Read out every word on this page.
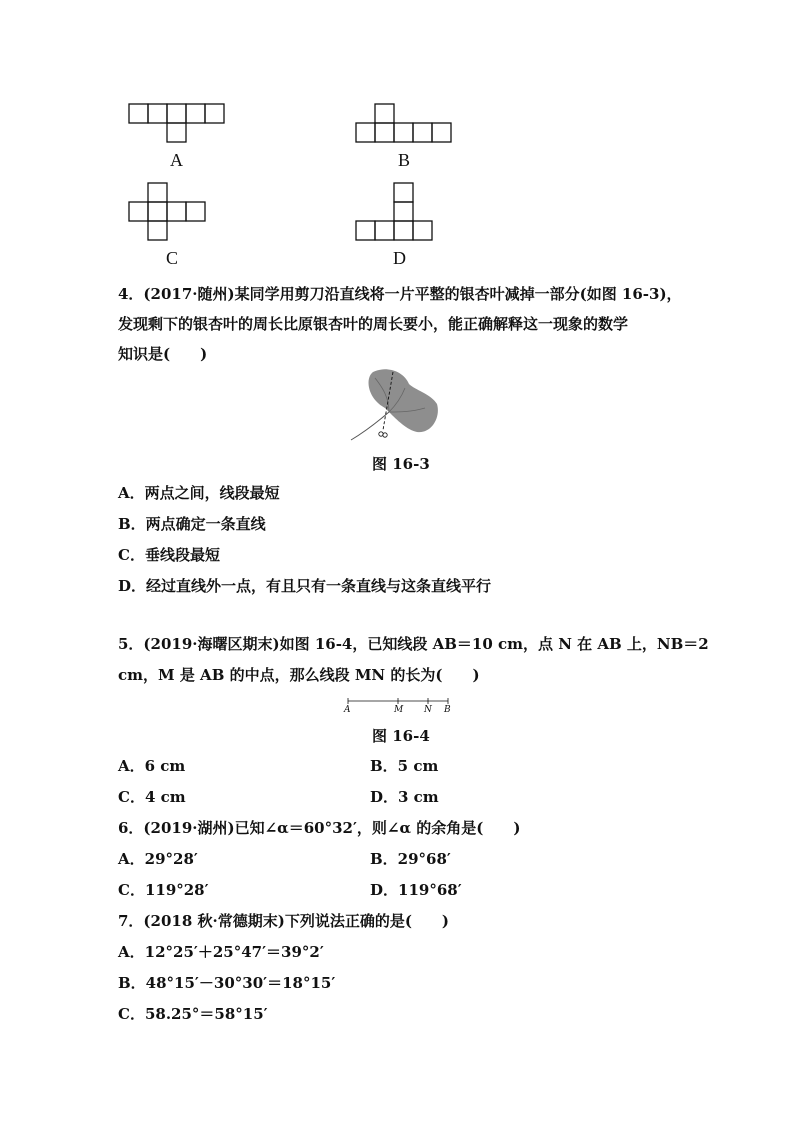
A	B
C	D
4．(2017·随州)某同学用剪刀沿直线将一片平整的银杏叶减掉一部分(如图 16-3)，
发现剩下的银杏叶的周长比原银杏叶的周长要小，能正确解释这一现象的数学
知识是(　　)
图 16-3
A．两点之间，线段最短
B．两点确定一条直线
C．垂线段最短
D．经过直线外一点，有且只有一条直线与这条直线平行
5．(2019·海曙区期末)如图 16-4，已知线段 AB＝10 cm，点 N 在 AB 上，NB＝2
cm，M 是 AB 的中点，那么线段 MN 的长为(　　)
A	M N B
图 16-4
A．6 cm	B．5 cm
C．4 cm	D．3 cm
6．(2019·湖州)已知∠α＝60°32′，则∠α 的余角是(　　)
A．29°28′	B．29°68′
C．119°28′	D．119°68′
7．(2018 秋·常德期末)下列说法正确的是(　　)
A．12°25′＋25°47′＝39°2′
B．48°15′－30°30′＝18°15′
C．58.25°＝58°15′
